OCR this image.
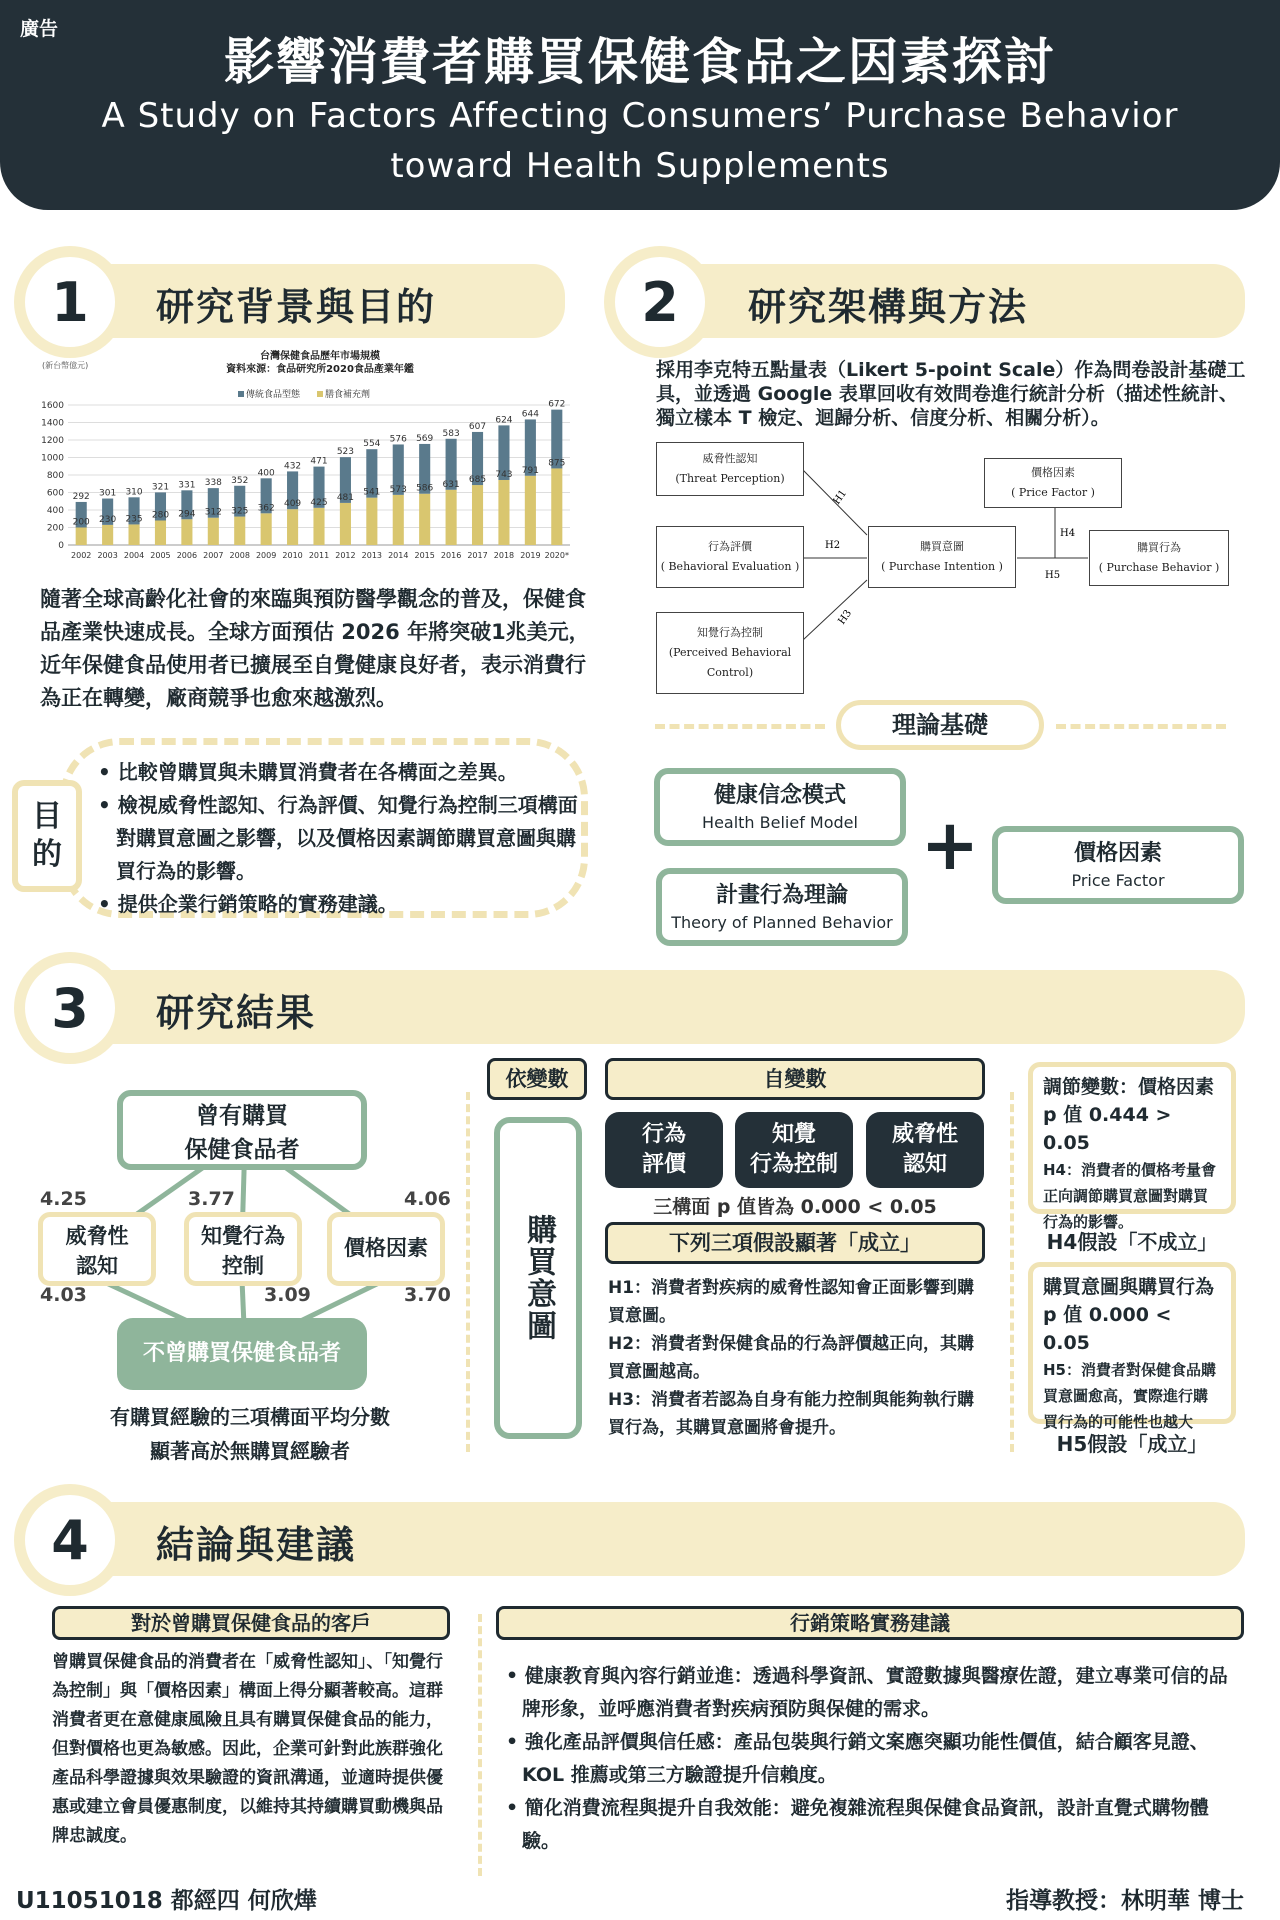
廣告
影響消費者購買保健食品之因素探討
A Study on Factors Affecting Consumers’ Purchase Behavior
toward Health Supplements
1	研究背景與目的
台灣保健食品歷年市場規模
資料來源：食品研究所2020食品產業年鑑
(新台幣億元)
傳統食品型態	膳食補充劑
0
200
400
600
800
1000
1200
1400
1600
200
292
2002
230
301
2003
235
310
2004
280
321
2005
294
331
2006
312
338
2007
325
352
2008
362
400
2009
409
432
2010
425
471
2011
481
523
2012
541
554
2013
573
576
2014
586
569
2015
631
583
2016
685
607
2017
743
624
2018
791
644
2019
875
672
2020*
隨著全球高齡化社會的來臨與預防醫學觀念的普及，保健食品產業快速成長。全球方面預估 2026 年將突破1兆美元，近年保健食品使用者已擴展至自覺健康良好者，表示消費行為正在轉變，廠商競爭也愈來越激烈。
目的
• 比較曾購買與未購買消費者在各構面之差異。
• 檢視威脅性認知、行為評價、知覺行為控制三項構面對購買意圖之影響，以及價格因素調節購買意圖與購買行為的影響。
• 提供企業行銷策略的實務建議。
2	研究架構與方法
採用李克特五點量表（Likert 5-point Scale）作為問卷設計基礎工具，並透過 Google 表單回收有效問卷進行統計分析（描述性統計、獨立樣本 T 檢定、迴歸分析、信度分析、相關分析）。
H1
H2
H3
H4
H5
威脅性認知
(Threat Perception)
行為評價
( Behavioral Evaluation )
知覺行為控制
(Perceived Behavioral
Control)
購買意圖
( Purchase Intention )
價格因素
( Price Factor )
購買行為
( Purchase Behavior )
理論基礎
健康信念模式
Health Belief Model
計畫行為理論
Theory of Planned Behavior
+	價格因素
Price Factor
3	研究結果
曾有購買
保健食品者
4.25	3.77	4.06
威脅性
認知
知覺行為
控制
價格因素
4.03	3.09	3.70
不曾購買保健食品者
有購買經驗的三項構面平均分數
顯著高於無購買經驗者
依變數
購買意圖
自變數
行為
評價
知覺
行為控制
威脅性
認知
三構面 p 值皆為 0.000 < 0.05
下列三項假設顯著「成立」
H1：消費者對疾病的威脅性認知會正面影響到購買意圖。
H2：消費者對保健食品的行為評價越正向，其購買意圖越高。
H3：消費者若認為自身有能力控制與能夠執行購買行為，其購買意圖將會提升。
調節變數：價格因素
p 值 0.444 > 0.05
H4：消費者的價格考量會正向調節購買意圖對購買行為的影響。
H4假設「不成立」
購買意圖與購買行為
p 值 0.000 < 0.05
H5：消費者對保健食品購買意圖愈高，實際進行購買行為的可能性也越大
H5假設「成立」
4	結論與建議
對於曾購買保健食品的客戶
曾購買保健食品的消費者在「威脅性認知」、「知覺行為控制」與「價格因素」構面上得分顯著較高。這群消費者更在意健康風險且具有購買保健食品的能力，但對價格也更為敏感。因此，企業可針對此族群強化產品科學證據與效果驗證的資訊溝通，並適時提供優惠或建立會員優惠制度，以維持其持續購買動機與品牌忠誠度。
行銷策略實務建議
• 健康教育與內容行銷並進：透過科學資訊、實證數據與醫療佐證，建立專業可信的品牌形象，並呼應消費者對疾病預防與保健的需求。
• 強化產品評價與信任感：產品包裝與行銷文案應突顯功能性價值，結合顧客見證、KOL 推薦或第三方驗證提升信賴度。
• 簡化消費流程與提升自我效能：避免複雜流程與保健食品資訊，設計直覺式購物體驗。
U11051018 都經四 何欣燁	指導教授：林明華 博士
